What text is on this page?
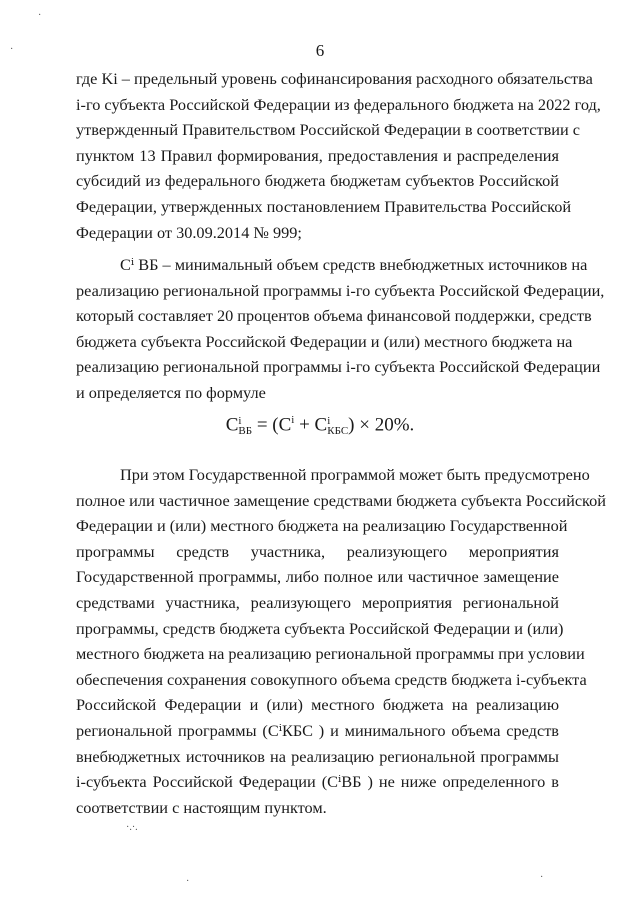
6
где Ki – предельный уровень софинансирования расходного обязательства
i-го субъекта Российской Федерации из федерального бюджета на 2022 год,
утвержденный Правительством Российской Федерации в соответствии с
пунктом 13 Правил формирования, предоставления и распределения
субсидий из федерального бюджета бюджетам субъектов Российской
Федерации, утвержденных постановлением Правительства Российской
Федерации от 30.09.2014 № 999;
Cⁱ ВБ – минимальный объем средств внебюджетных источников на
реализацию региональной программы i-го субъекта Российской Федерации,
который составляет 20 процентов объема финансовой поддержки, средств
бюджета субъекта Российской Федерации и (или) местного бюджета на
реализацию региональной программы i-го субъекта Российской Федерации
и определяется по формуле
C i
ВБ = ($C^i + C$ i
КБС ) × 20%.
При этом Государственной программой может быть предусмотрено
полное или частичное замещение средствами бюджета субъекта Российской
Федерации и (или) местного бюджета на реализацию Государственной
программы средств участника, реализующего мероприятия
Государственной программы, либо полное или частичное замещение
средствами участника, реализующего мероприятия региональной
программы, средств бюджета субъекта Российской Федерации и (или)
местного бюджета на реализацию региональной программы при условии
обеспечения сохранения совокупного объема средств бюджета i-субъекта
Российской Федерации и (или) местного бюджета на реализацию
региональной программы (CⁱКБС ) и минимального объема средств
внебюджетных источников на реализацию региональной программы
i-субъекта Российской Федерации (CⁱВБ ) не ниже определенного в
соответствии с настоящим пунктом.
·
·
·.·.
·
·
